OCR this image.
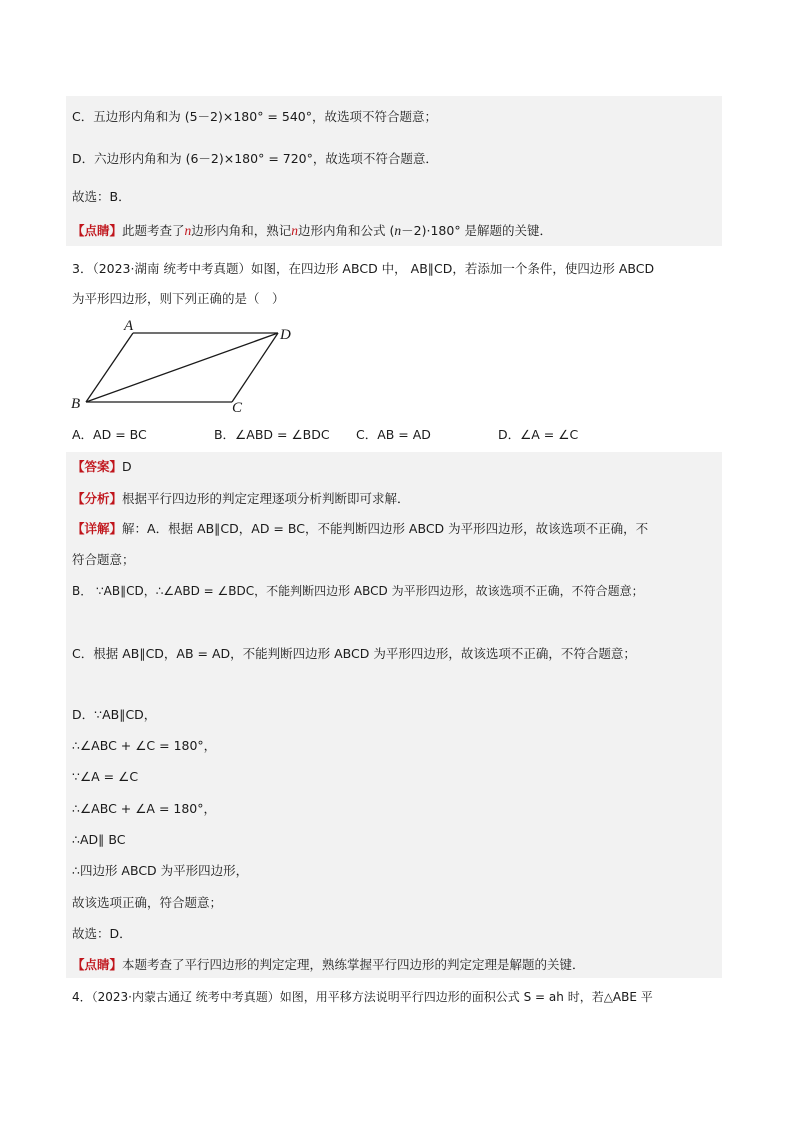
C．五边形内角和为 (5－2)×180° = 540°，故选项不符合题意；
D．六边形内角和为 (6－2)×180° = 720°，故选项不符合题意．
故选：B．
【点睛】此题考查了n边形内角和，熟记n边形内角和公式 (n－2)·180° 是解题的关键．
3．（2023·湖南 统考中考真题）如图，在四边形 ABCD 中， AB∥CD，若添加一个条件，使四边形 ABCD
为平形四边形，则下列正确的是（　）
A
D
B	C
A．AD = BC	B．∠ABD = ∠BDC C．AB = AD	D．∠A = ∠C
【答案】D
【分析】根据平行四边形的判定定理逐项分析判断即可求解．
【详解】解：A．根据 AB∥CD，AD = BC，不能判断四边形 ABCD 为平形四边形，故该选项不正确，不
符合题意；
B． ∵AB∥CD，∴∠ABD = ∠BDC，不能判断四边形 ABCD 为平形四边形，故该选项不正确，不符合题意；
C．根据 AB∥CD，AB = AD，不能判断四边形 ABCD 为平形四边形，故该选项不正确，不符合题意；
D．∵AB∥CD，
∴∠ABC + ∠C = 180°，
∵∠A = ∠C
∴∠ABC + ∠A = 180°，
∴AD∥ BC
∴四边形 ABCD 为平形四边形，
故该选项正确，符合题意；
故选：D．
【点睛】本题考查了平行四边形的判定定理，熟练掌握平行四边形的判定定理是解题的关键．
4．（2023·内蒙古通辽 统考中考真题）如图，用平移方法说明平行四边形的面积公式 S = ah 时，若△ABE 平
